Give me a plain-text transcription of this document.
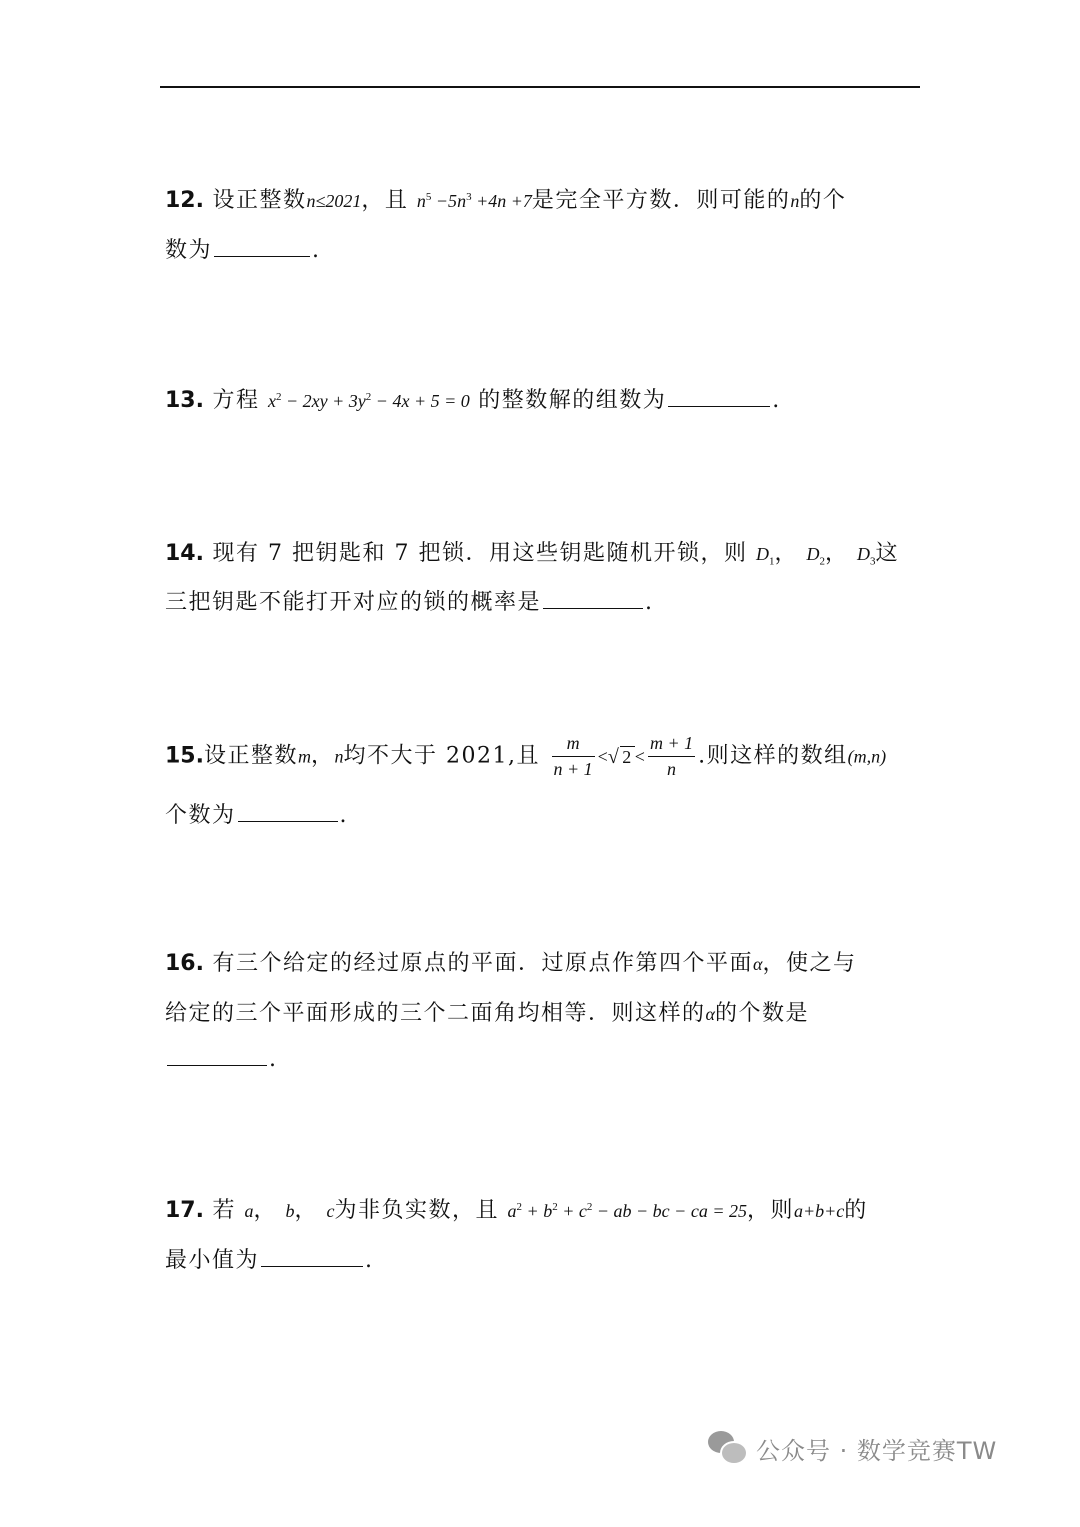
12. 设正整数n≤2021，且 $n^5 -5n^3 +4n +7$是完全平方数．则可能的n的个
数为	.
13. 方程 $x^2 - 2xy + 3y^2 - 4x + 5 = 0$ 的整数解的组数为	.
14. 现有 7 把钥匙和 7 把锁．用这些钥匙随机开锁，则 $D_1$， $D_2$， $D_3$这
三把钥匙不能打开对应的锁的概率是	.
15.设正整数m，n均不大于 2021,且 $\frac{m}{n + 1}$ <√ $2 < \frac{m + 1}{n}$ .则这样的数组(m,n)
个数为	.
16. 有三个给定的经过原点的平面．过原点作第四个平面α，使之与
给定的三个平面形成的三个二面角均相等．则这样的α的个数是
.
17. 若 a， b， c为非负实数，且 $a^2 + b^2 + c^2$ − ab − bc − ca = 25，则a+b+c的
最小值为	.
公众号 · 数学竞赛TW
